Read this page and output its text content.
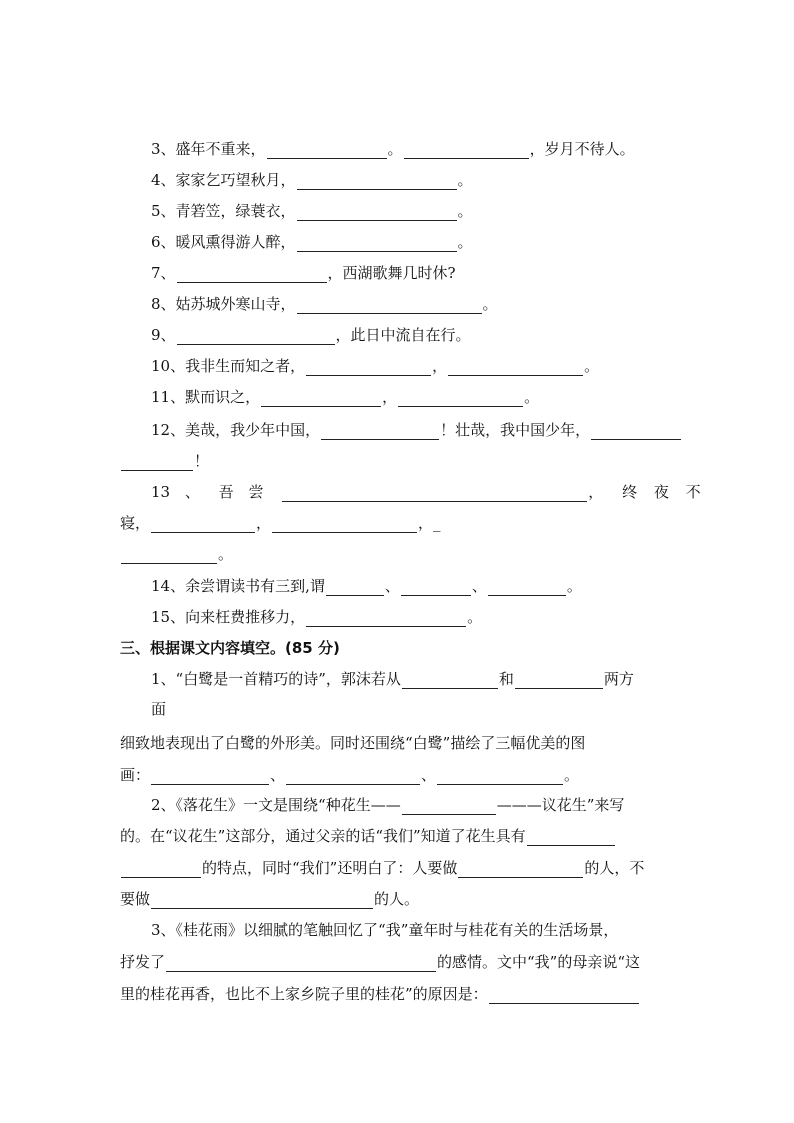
3、盛年不重来，	。	，岁月不待人。
4、家家乞巧望秋月，	。
5、青箬笠，绿蓑衣，	。
6、暖风熏得游人醉，	。
7、	，西湖歌舞几时休?
8、姑苏城外寒山寺，	。
9、	，此日中流自在行。
10、我非生而知之者，	，	。
11、默而识之，	，	。
12、美哉，我少年中国，	！壮哉，我中国少年，
！
13 、 吾 尝	， 终 夜 不
寝，	，	，_
。
14、余尝谓读书有三到,谓	、	、	。
15、向来枉费推移力，	。
三、根据课文内容填空。(85 分)
1、“白鹭是一首精巧的诗”，郭沫若从	和	两方
面
细致地表现出了白鹭的外形美。同时还围绕“白鹭”描绘了三幅优美的图
画：	、	、	。
2、《落花生》一文是围绕“种花生——	———议花生”来写
的。在“议花生”这部分，通过父亲的话“我们”知道了花生具有
的特点，同时“我们”还明白了：人要做	的人，不
要做	的人。
3、《桂花雨》以细腻的笔触回忆了“我”童年时与桂花有关的生活场景，
抒发了	的感情。文中“我”的母亲说“这
里的桂花再香，也比不上家乡院子里的桂花”的原因是：
